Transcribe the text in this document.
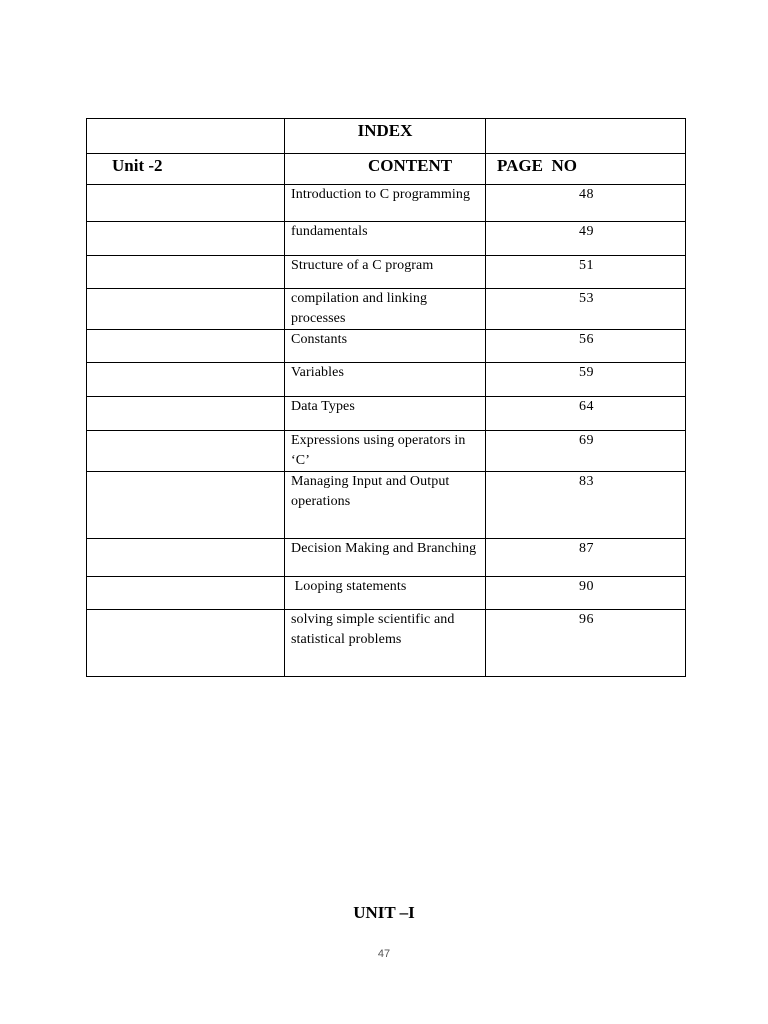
	INDEX	
Unit -2	CONTENT	PAGE  NO
	Introduction to C programming	48
	fundamentals	49
	Structure of a C program	51
	compilation and linking processes	53
	Constants	56
	Variables	59
	Data Types	64
	Expressions using operators in ‘C’	69
	Managing Input and Output operations	83
	Decision Making and Branching	87
	Looping statements	90
	solving simple scientific and statistical problems	96
UNIT –I
47
